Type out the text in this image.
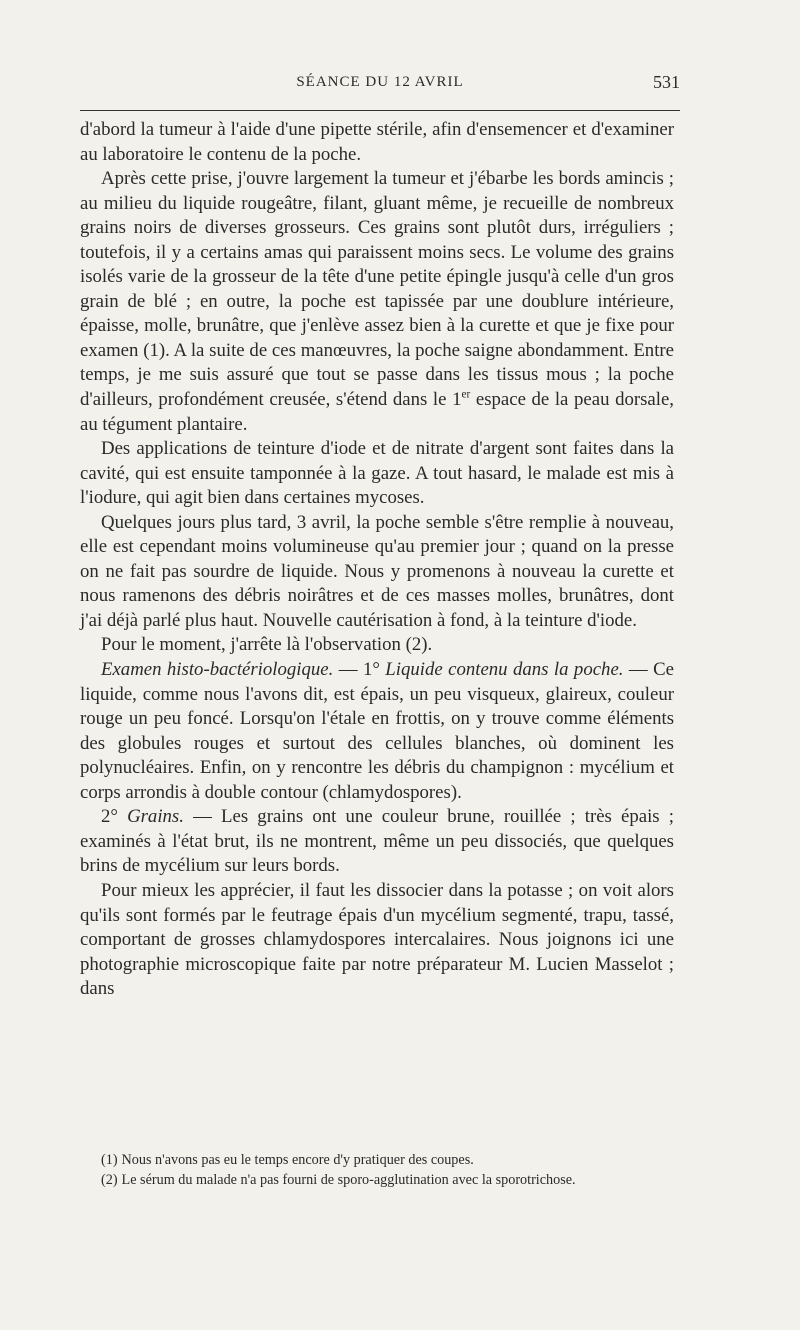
SÉANCE DU 12 AVRIL	531

d'abord la tumeur à l'aide d'une pipette stérile, afin d'ensemencer et d'examiner au laboratoire le contenu de la poche.

Après cette prise, j'ouvre largement la tumeur et j'ébarbe les bords amincis ; au milieu du liquide rougeâtre, filant, gluant même, je recueille de nombreux grains noirs de diverses grosseurs. Ces grains sont plutôt durs, irréguliers ; toutefois, il y a certains amas qui paraissent moins secs. Le volume des grains isolés varie de la grosseur de la tête d'une petite épingle jusqu'à celle d'un gros grain de blé ; en outre, la poche est tapissée par une doublure intérieure, épaisse, molle, brunâtre, que j'enlève assez bien à la curette et que je fixe pour examen (1). A la suite de ces manœuvres, la poche saigne abondamment. Entre temps, je me suis assuré que tout se passe dans les tissus mous ; la poche d'ailleurs, profondément creusée, s'étend dans le 1er espace de la peau dorsale, au tégument plantaire.

Des applications de teinture d'iode et de nitrate d'argent sont faites dans la cavité, qui est ensuite tamponnée à la gaze. A tout hasard, le malade est mis à l'iodure, qui agit bien dans certaines mycoses.

Quelques jours plus tard, 3 avril, la poche semble s'être remplie à nouveau, elle est cependant moins volumineuse qu'au premier jour ; quand on la presse on ne fait pas sourdre de liquide. Nous y promenons à nouveau la curette et nous ramenons des débris noirâtres et de ces masses molles, brunâtres, dont j'ai déjà parlé plus haut. Nouvelle cautérisation à fond, à la teinture d'iode.

Pour le moment, j'arrête là l'observation (2).

Examen histo-bactériologique. — 1° Liquide contenu dans la poche. — Ce liquide, comme nous l'avons dit, est épais, un peu visqueux, glaireux, couleur rouge un peu foncé. Lorsqu'on l'étale en frottis, on y trouve comme éléments des globules rouges et surtout des cellules blanches, où dominent les polynucléaires. Enfin, on y rencontre les débris du champignon : mycélium et corps arrondis à double contour (chlamydospores).

2° Grains. — Les grains ont une couleur brune, rouillée ; très épais ; examinés à l'état brut, ils ne montrent, même un peu dissociés, que quelques brins de mycélium sur leurs bords.

Pour mieux les apprécier, il faut les dissocier dans la potasse ; on voit alors qu'ils sont formés par le feutrage épais d'un mycélium segmenté, trapu, tassé, comportant de grosses chlamydospores intercalaires. Nous joignons ici une photographie microscopique faite par notre préparateur M. Lucien Masselot ; dans

(1) Nous n'avons pas eu le temps encore d'y pratiquer des coupes.

(2) Le sérum du malade n'a pas fourni de sporo-agglutination avec la sporotrichose.
